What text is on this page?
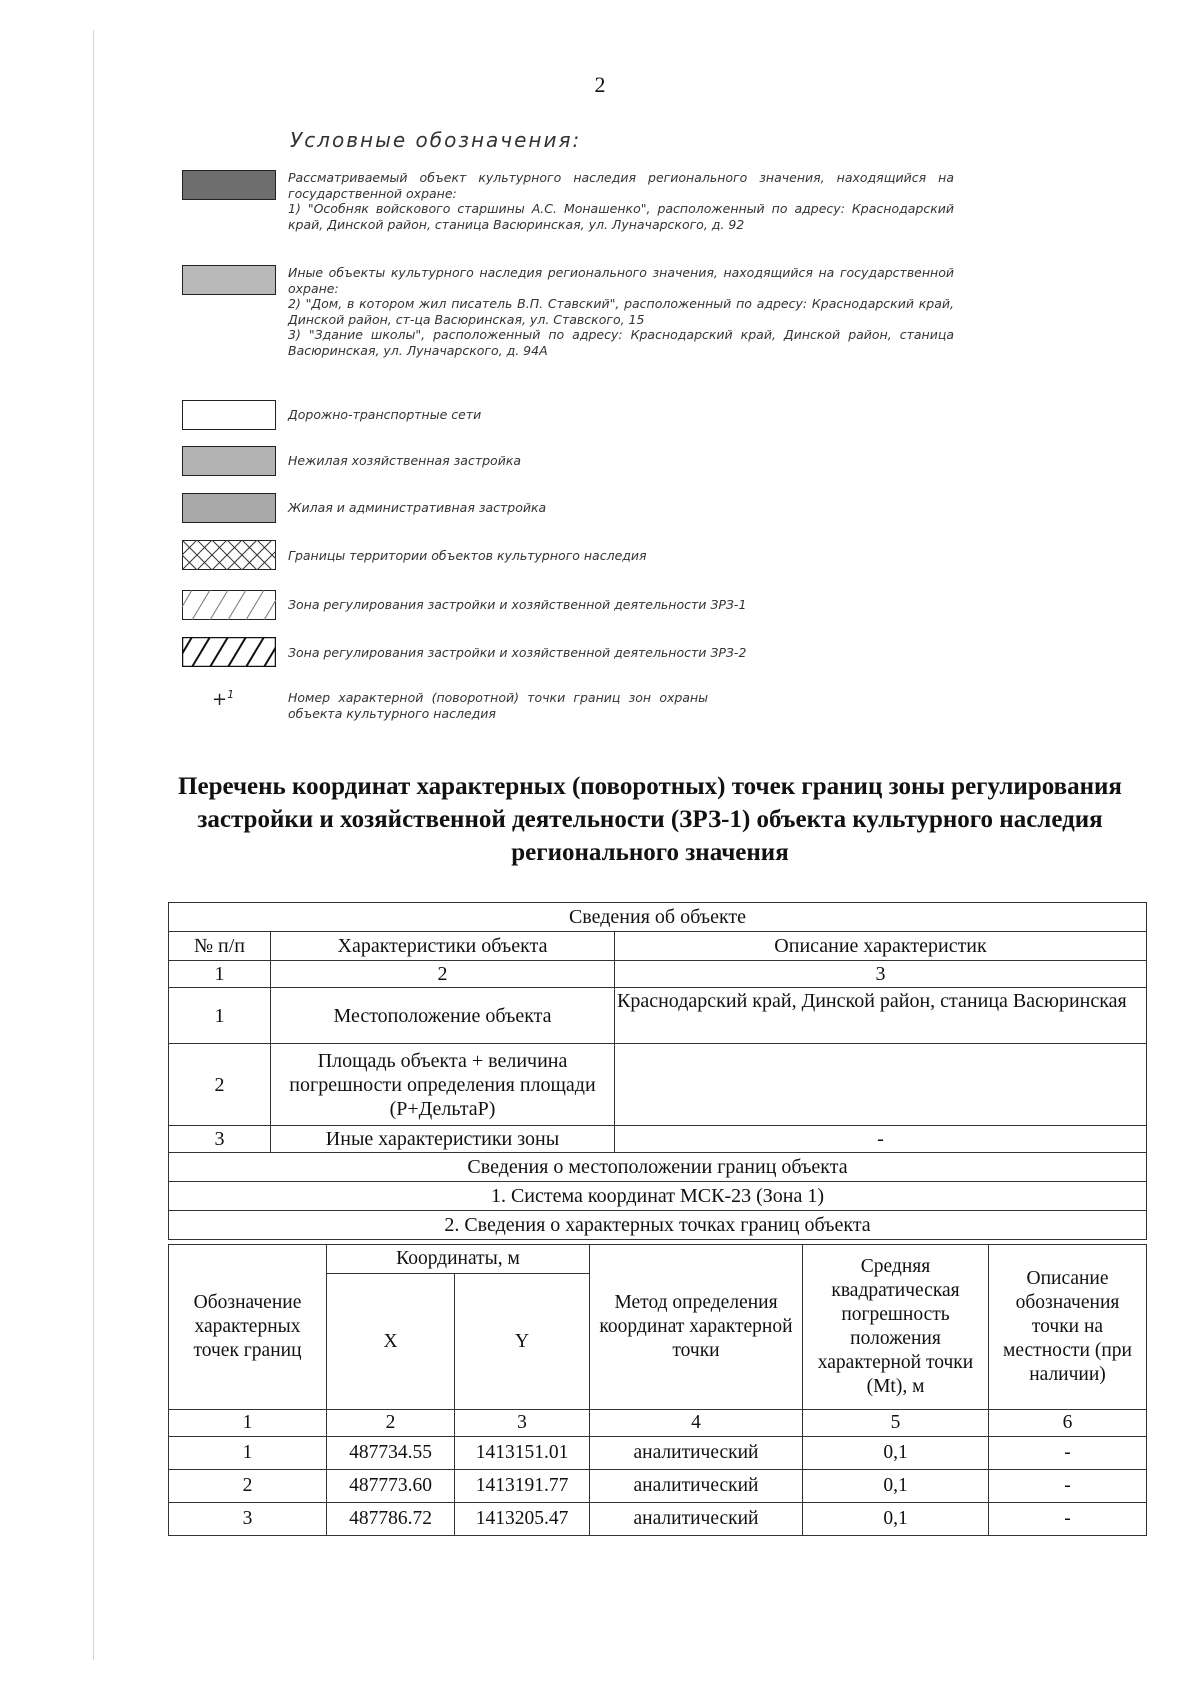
2
Условные обозначения:

Рассматриваемый объект культурного наследия регионального значения, находящийся на государственной охране:

1) "Особняк войскового старшины А.С. Монашенко", расположенный по адресу: Краснодарский край, Динской район, станица Васюринская, ул. Луначарского, д. 92

Иные объекты культурного наследия регионального значения, находящийся на государственной охране:

2) "Дом, в котором жил писатель В.П. Ставский", расположенный по адресу: Краснодарский край, Динской район, ст-ца Васюринская, ул. Ставского, 15

3) "Здание школы", расположенный по адресу: Краснодарский край, Динской район, станица Васюринская, ул. Луначарского, д. 94А

Дорожно-транспортные сети
Нежилая хозяйственная застройка
Жилая и административная застройка
Границы территории объектов культурного наследия
Зона регулирования застройки и хозяйственной деятельности ЗРЗ-1
Зона регулирования застройки и хозяйственной деятельности ЗРЗ-2
+$^1$	Номер характерной (поворотной) точки границ зон охраны объекта культурного наследия
Перечень координат характерных (поворотных) точек границ зоны регулирования застройки и хозяйственной деятельности (ЗРЗ-1) объекта культурного наследия регионального значения
Сведения об объекте		
№ п/п	Характеристики объекта	Описание характеристик
1	2	3
1	Местоположение объекта	Краснодарский край, Динской район, станица Васюринская
2	Площадь объекта + величина погрешности определения площади (Р+ДельтаР)	
3	Иные характеристики зоны	-
Сведения о местоположении границ объекта		
1. Система координат МСК-23 (Зона 1)		
2. Сведения о характерных точках границ объекта		
Обозначение характерных точек границ	Координаты, м		Метод определения координат характерной точки	Средняя квадратическая погрешность положения характерной точки (Mt), м	Описание обозначения точки на местности (при наличии)
	X	Y			
1	2	3	4	5	6
1	487734.55	1413151.01	аналитический	0,1	-
2	487773.60	1413191.77	аналитический	0,1	-
3	487786.72	1413205.47	аналитический	0,1	-
